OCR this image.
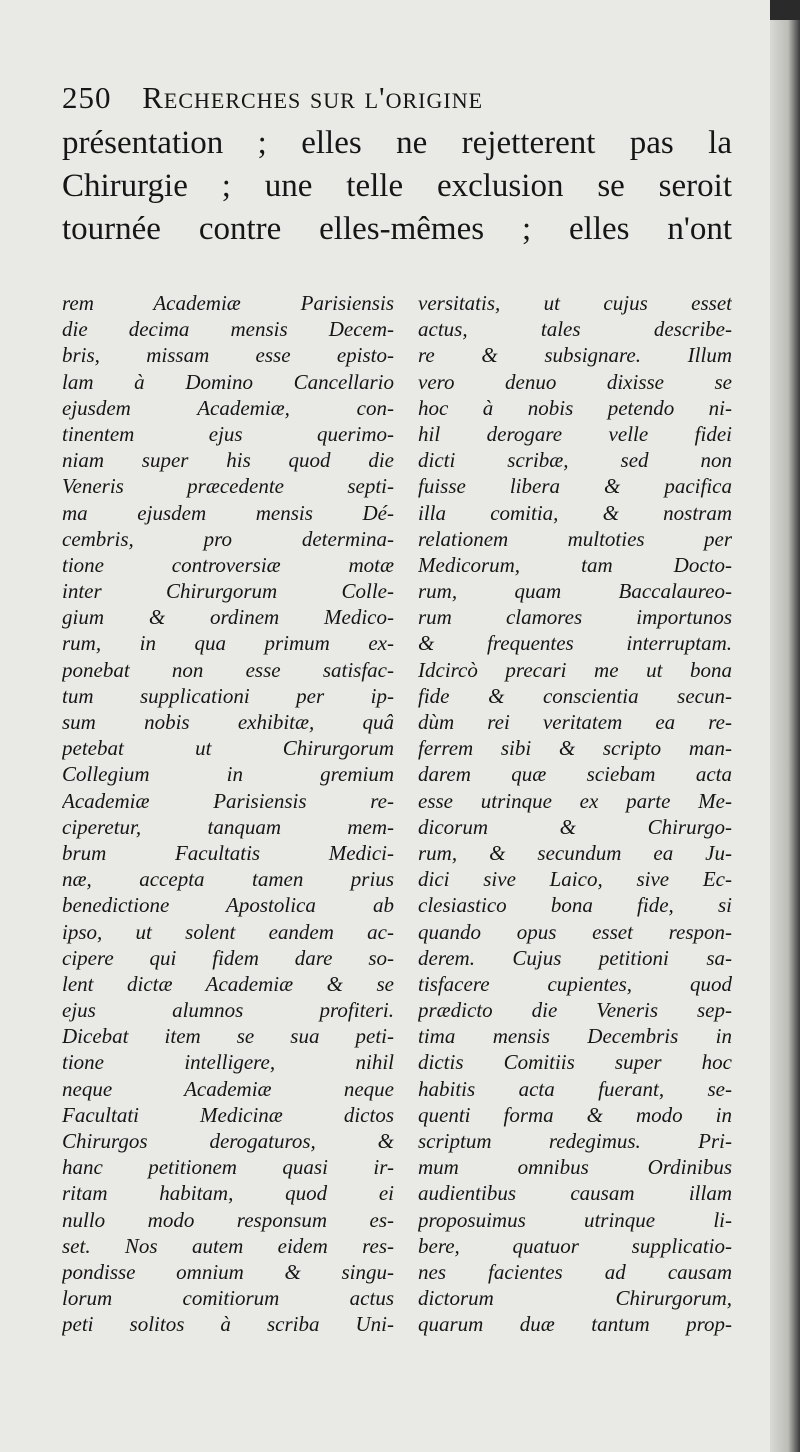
250 Recherches sur l'origine
présentation ; elles ne rejetterent pas la
Chirurgie ; une telle exclusion se seroit
tournée contre elles-mêmes ; elles n'ont
rem Academiæ Parisiensis
die decima mensis Decem-
bris, missam esse episto-
lam à Domino Cancellario
ejusdem Academiæ, con-
tinentem ejus querimo-
niam super his quod die
Veneris præcedente septi-
ma ejusdem mensis Dé-
cembris, pro determina-
tione controversiæ motæ
inter Chirurgorum Colle-
gium & ordinem Medico-
rum, in qua primum ex-
ponebat non esse satisfac-
tum supplicationi per ip-
sum nobis exhibitæ, quâ
petebat ut Chirurgorum
Collegium in gremium
Academiæ Parisiensis re-
ciperetur, tanquam mem-
brum Facultatis Medici-
næ, accepta tamen prius
benedictione Apostolica ab
ipso, ut solent eandem ac-
cipere qui fidem dare so-
lent dictæ Academiæ & se
ejus alumnos profiteri.
Dicebat item se sua peti-
tione intelligere, nihil
neque Academiæ neque
Facultati Medicinæ dictos
Chirurgos derogaturos, &
hanc petitionem quasi ir-
ritam habitam, quod ei
nullo modo responsum es-
set. Nos autem eidem res-
pondisse omnium & singu-
lorum comitiorum actus
peti solitos à scriba Uni-
versitatis, ut cujus esset
actus, tales describe-
re & subsignare. Illum
vero denuo dixisse se
hoc à nobis petendo ni-
hil derogare velle fidei
dicti scribæ, sed non
fuisse libera & pacifica
illa comitia, & nostram
relationem multoties per
Medicorum, tam Docto-
rum, quam Baccalaureo-
rum clamores importunos
& frequentes interruptam.
Idcircò precari me ut bona
fide & conscientia secun-
dùm rei veritatem ea re-
ferrem sibi & scripto man-
darem quæ sciebam acta
esse utrinque ex parte Me-
dicorum & Chirurgo-
rum, & secundum ea Ju-
dici sive Laico, sive Ec-
clesiastico bona fide, si
quando opus esset respon-
derem. Cujus petitioni sa-
tisfacere cupientes, quod
prædicto die Veneris sep-
tima mensis Decembris in
dictis Comitiis super hoc
habitis acta fuerant, se-
quenti forma & modo in
scriptum redegimus. Pri-
mum omnibus Ordinibus
audientibus causam illam
proposuimus utrinque li-
bere, quatuor supplicatio-
nes facientes ad causam
dictorum Chirurgorum,
quarum duæ tantum prop-
